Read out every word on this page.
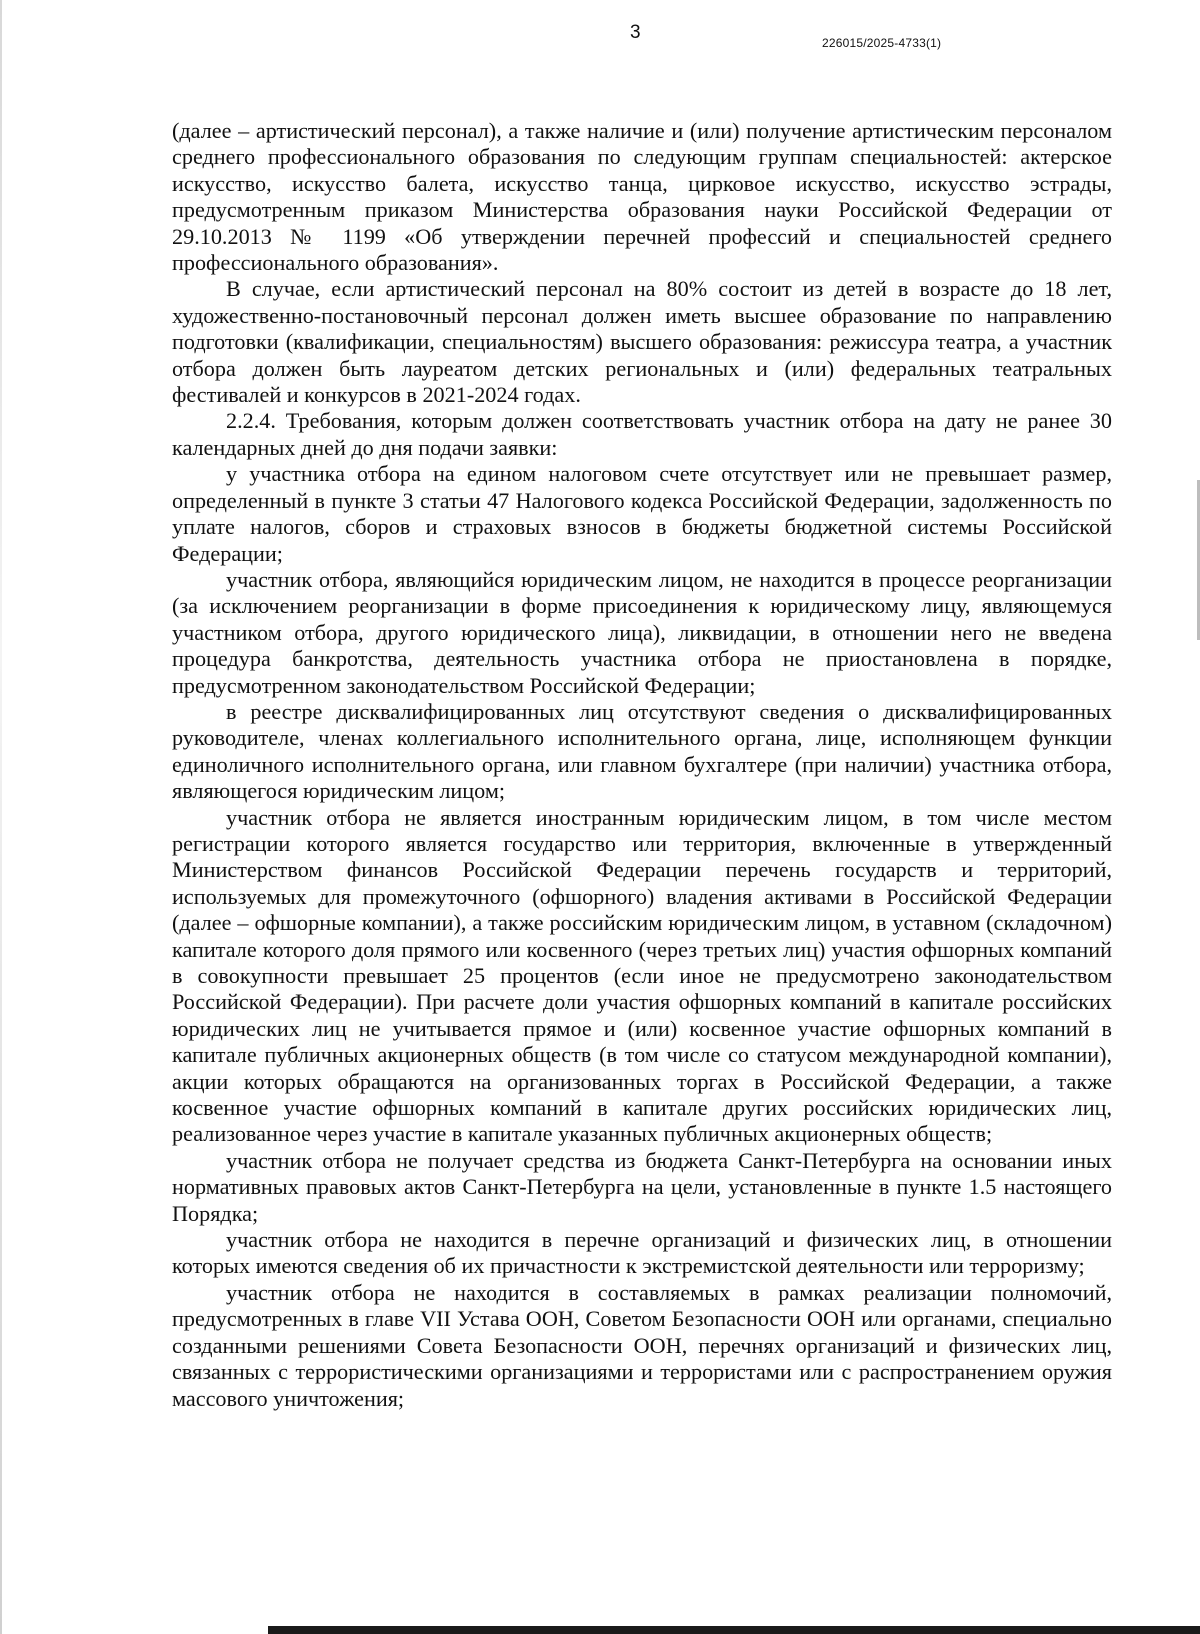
3	226015/2025-4733(1)

(далее – артистический персонал), а также наличие и (или) получение артистическим персоналом среднего профессионального образования по следующим группам специальностей: актерское искусство, искусство балета, искусство танца, цирковое искусство, искусство эстрады, предусмотренным приказом Министерства образования науки Российской Федерации от 29.10.2013 № 1199 «Об утверждении перечней профессий и специальностей среднего профессионального образования».

В случае, если артистический персонал на 80% состоит из детей в возрасте до 18 лет, художественно-постановочный персонал должен иметь высшее образование по направлению подготовки (квалификации, специальностям) высшего образования: режиссура театра, а участник отбора должен быть лауреатом детских региональных и (или) федеральных театральных фестивалей и конкурсов в 2021-2024 годах.

2.2.4. Требования, которым должен соответствовать участник отбора на дату не ранее 30 календарных дней до дня подачи заявки:

у участника отбора на едином налоговом счете отсутствует или не превышает размер, определенный в пункте 3 статьи 47 Налогового кодекса Российской Федерации, задолженность по уплате налогов, сборов и страховых взносов в бюджеты бюджетной системы Российской Федерации;

участник отбора, являющийся юридическим лицом, не находится в процессе реорганизации (за исключением реорганизации в форме присоединения к юридическому лицу, являющемуся участником отбора, другого юридического лица), ликвидации, в отношении него не введена процедура банкротства, деятельность участника отбора не приостановлена в порядке, предусмотренном законодательством Российской Федерации;

в реестре дисквалифицированных лиц отсутствуют сведения о дисквалифицированных руководителе, членах коллегиального исполнительного органа, лице, исполняющем функции единоличного исполнительного органа, или главном бухгалтере (при наличии) участника отбора, являющегося юридическим лицом;

участник отбора не является иностранным юридическим лицом, в том числе местом регистрации которого является государство или территория, включенные в утвержденный Министерством финансов Российской Федерации перечень государств и территорий, используемых для промежуточного (офшорного) владения активами в Российской Федерации (далее – офшорные компании), а также российским юридическим лицом, в уставном (складочном) капитале которого доля прямого или косвенного (через третьих лиц) участия офшорных компаний в совокупности превышает 25 процентов (если иное не предусмотрено законодательством Российской Федерации). При расчете доли участия офшорных компаний в капитале российских юридических лиц не учитывается прямое и (или) косвенное участие офшорных компаний в капитале публичных акционерных обществ (в том числе со статусом международной компании), акции которых обращаются на организованных торгах в Российской Федерации, а также косвенное участие офшорных компаний в капитале других российских юридических лиц, реализованное через участие в капитале указанных публичных акционерных обществ;

участник отбора не получает средства из бюджета Санкт-Петербурга на основании иных нормативных правовых актов Санкт-Петербурга на цели, установленные в пункте 1.5 настоящего Порядка;

участник отбора не находится в перечне организаций и физических лиц, в отношении которых имеются сведения об их причастности к экстремистской деятельности или терроризму;

участник отбора не находится в составляемых в рамках реализации полномочий, предусмотренных в главе VII Устава ООН, Советом Безопасности ООН или органами, специально созданными решениями Совета Безопасности ООН, перечнях организаций и физических лиц, связанных с террористическими организациями и террористами или с распространением оружия массового уничтожения;
